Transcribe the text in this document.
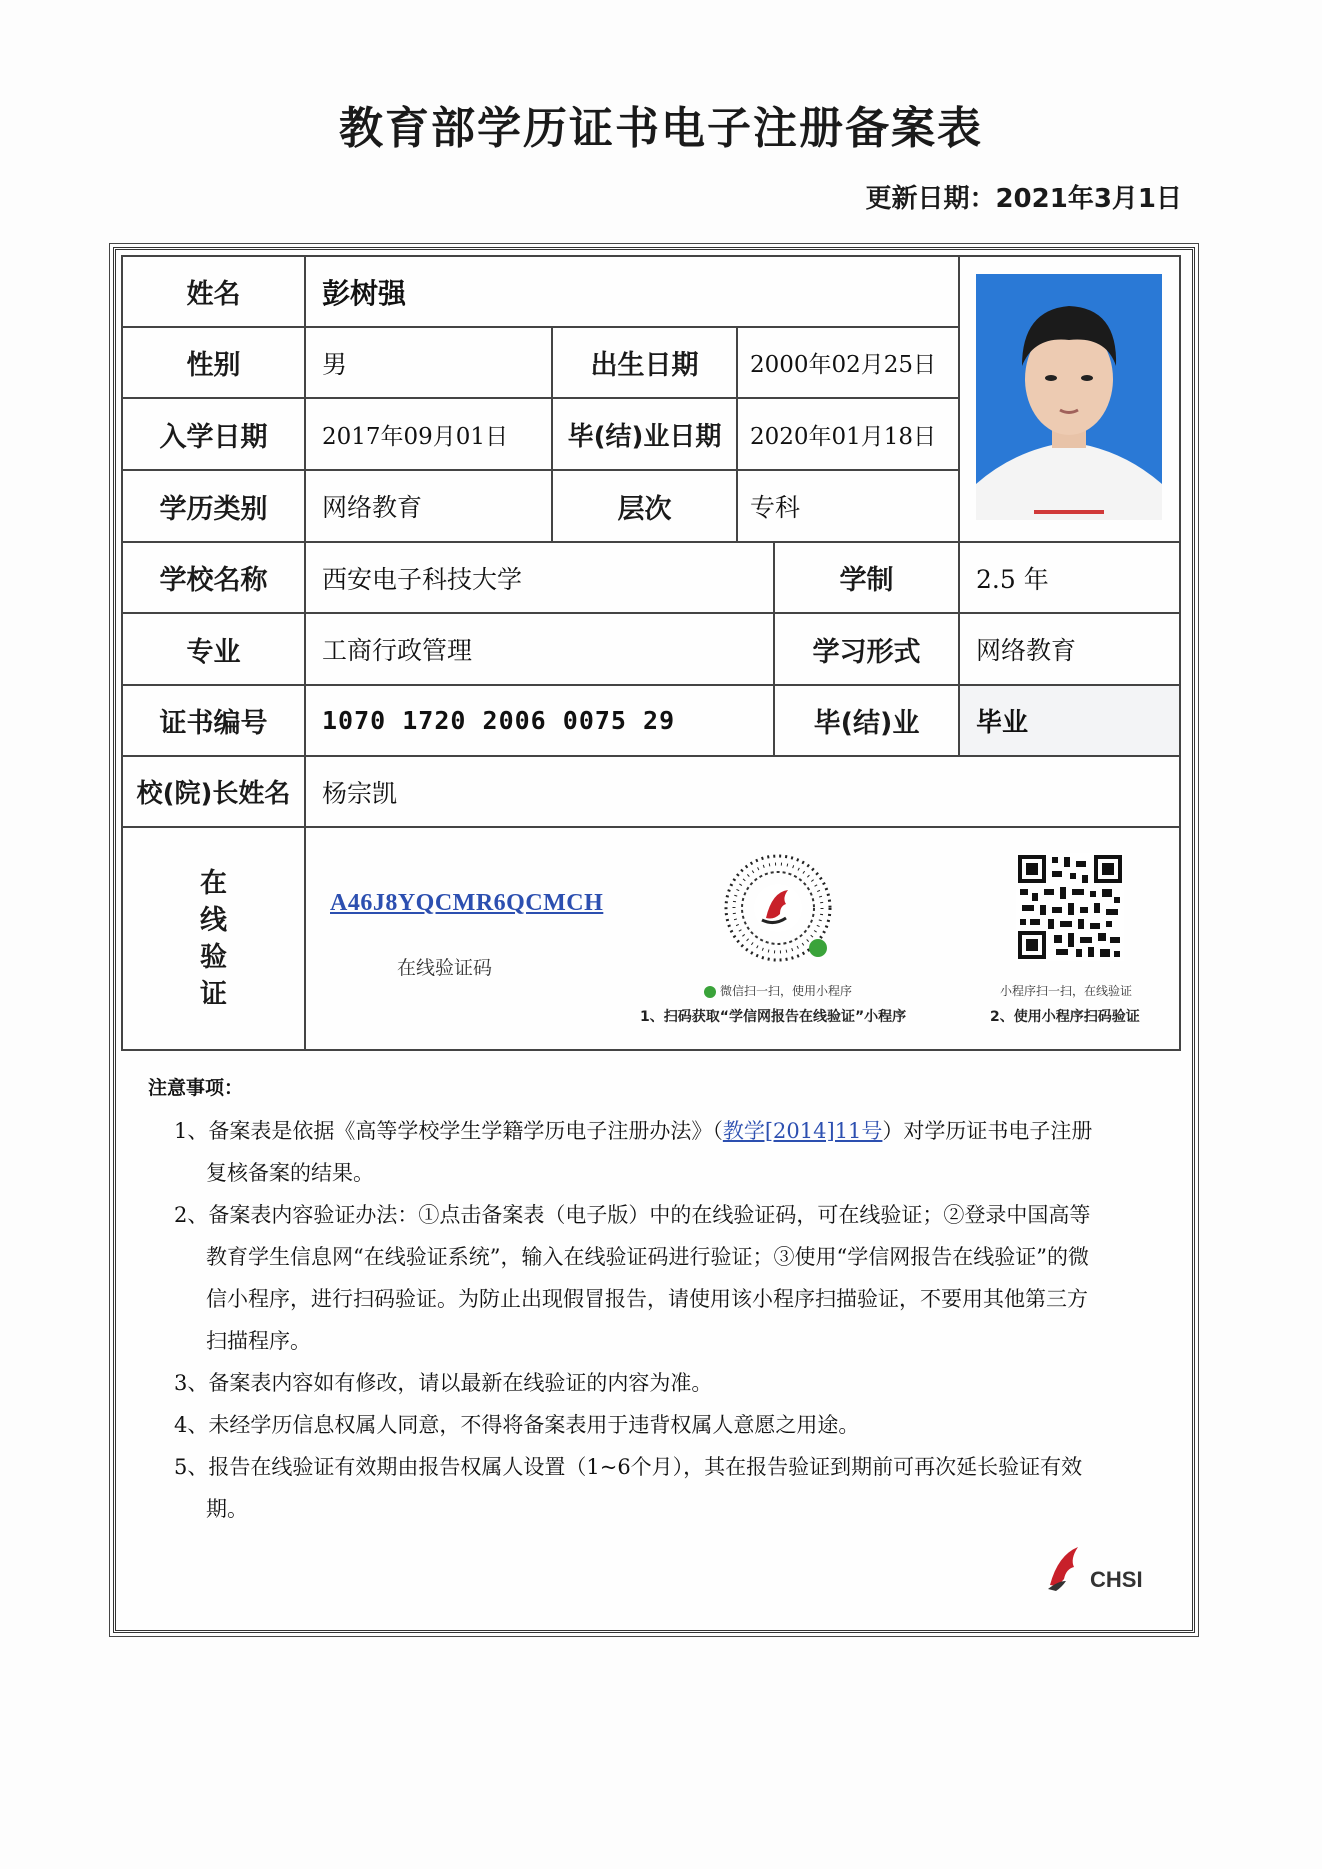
教育部学历证书电子注册备案表
更新日期：2021年3月1日
姓名	彭树强
性别	男	出生日期	2000年02月25日
入学日期	2017年09月01日	毕(结)业日期	2020年01月18日
学历类别	网络教育	层次	专科
学校名称	西安电子科技大学	学制	2.5 年
专业	工商行政管理	学习形式	网络教育
证书编号	1070 1720 2006 0075 29	毕(结)业	毕业
校(院)长姓名	杨宗凯
在
线
验
证
A46J8YQCMR6QCMCH
在线验证码
微信扫一扫，使用小程序
1、扫码获取“学信网报告在线验证”小程序
小程序扫一扫，在线验证
2、使用小程序扫码验证
注意事项：

1、备案表是依据《高等学校学生学籍学历电子注册办法》（教学[2014]11号）对学历证书电子注册复核备案的结果。

2、备案表内容验证办法：①点击备案表（电子版）中的在线验证码，可在线验证；②登录中国高等教育学生信息网“在线验证系统”，输入在线验证码进行验证；③使用“学信网报告在线验证”的微信小程序，进行扫码验证。为防止出现假冒报告，请使用该小程序扫描验证，不要用其他第三方扫描程序。

3、备案表内容如有修改，请以最新在线验证的内容为准。

4、未经学历信息权属人同意，不得将备案表用于违背权属人意愿之用途。

5、报告在线验证有效期由报告权属人设置（1~6个月），其在报告验证到期前可再次延长验证有效期。

CHSI
